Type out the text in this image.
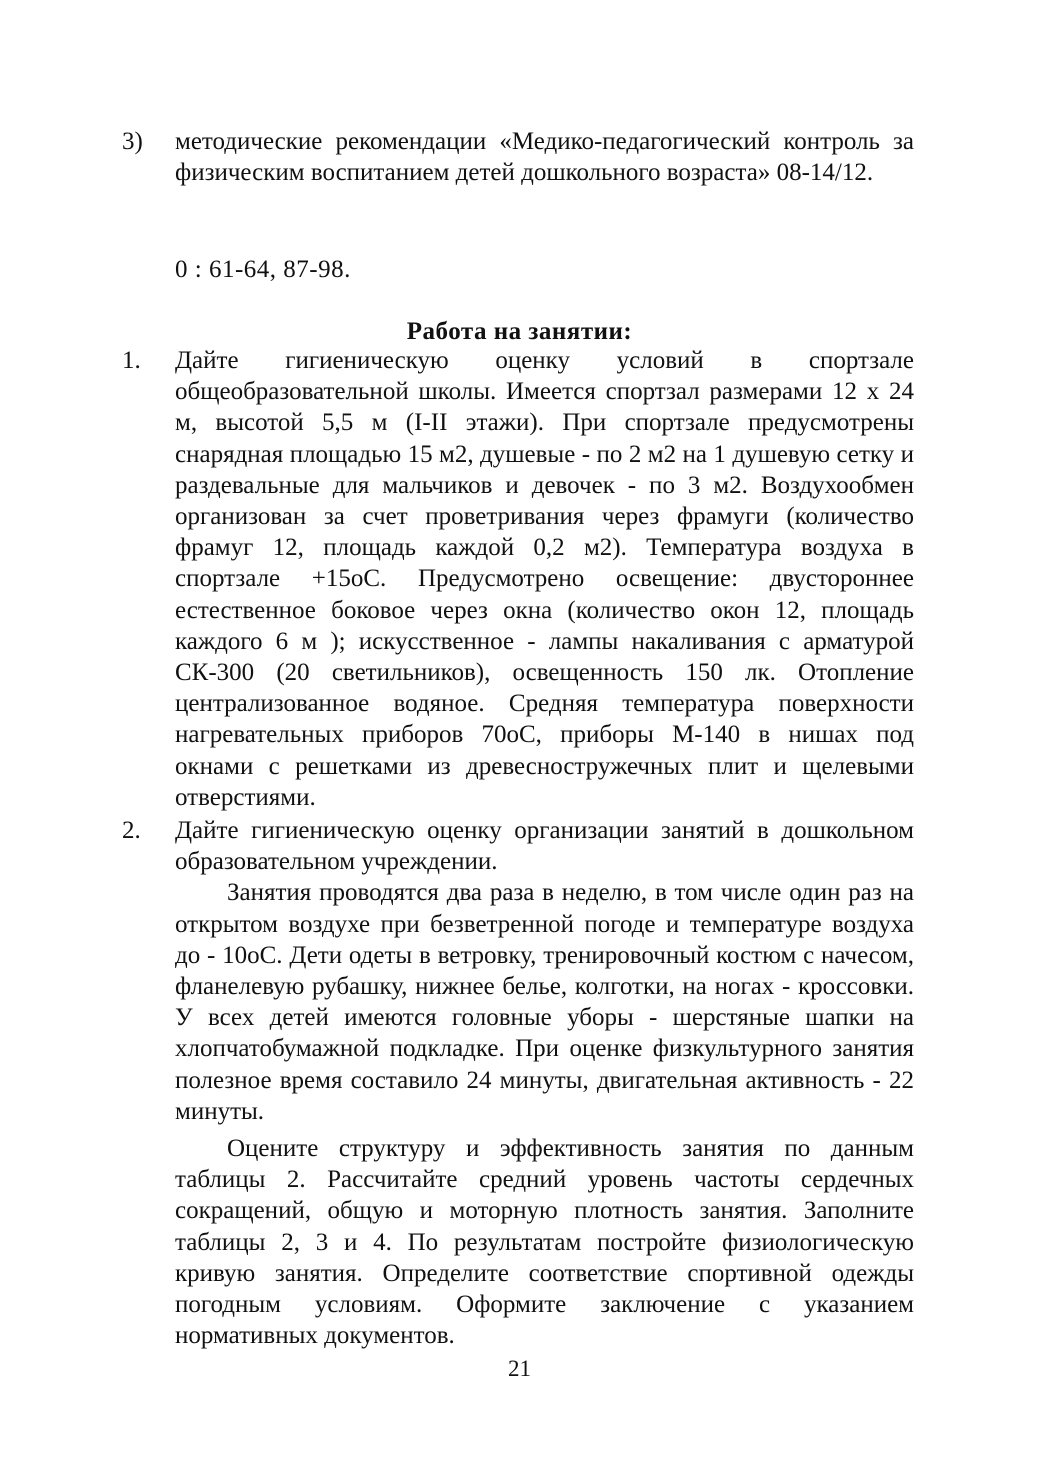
3) методические рекомендации «Медико-педагогический контроль за физическим воспитанием детей дошкольного возраста» 08-14/12.
0 : 61-64, 87-98.
Работа на занятии:
1. Дайте гигиеническую оценку условий в спортзале общеобразовательной школы. Имеется спортзал размерами 12 х 24 м, высотой 5,5 м (I-II этажи). При спортзале предусмотрены снарядная площадью 15 м2, душевые - по 2 м2 на 1 душевую сетку и раздевальные для мальчиков и девочек - по 3 м2. Воздухообмен организован за счет проветривания через фрамуги (количество фрамуг 12, площадь каждой 0,2 м2). Температура воздуха в спортзале +15оС. Предусмотрено освещение: двустороннее естественное боковое через окна (количество окон 12, площадь каждого 6 м ); искусственное - лампы накаливания с арматурой СК-300 (20 светильников), освещенность 150 лк. Отопление централизованное водяное. Средняя температура поверхности нагревательных приборов 70оС, приборы М-140 в нишах под окнами с решетками из древесностружечных плит и щелевыми отверстиями.
2. Дайте гигиеническую оценку организации занятий в дошкольном образовательном учреждении.
Занятия проводятся два раза в неделю, в том числе один раз на открытом воздухе при безветренной погоде и температуре воздуха до - 10оС. Дети одеты в ветровку, тренировочный костюм с начесом, фланелевую рубашку, нижнее белье, колготки, на ногах - кроссовки. У всех детей имеются головные уборы - шерстяные шапки на хлопчатобумажной подкладке. При оценке физкультурного занятия полезное время составило 24 минуты, двигательная активность - 22 минуты.
Оцените структуру и эффективность занятия по данным таблицы 2. Рассчитайте средний уровень частоты сердечных сокращений, общую и моторную плотность занятия. Заполните таблицы 2, 3 и 4. По результатам постройте физиологическую кривую занятия. Определите соответствие спортивной одежды погодным условиям. Оформите заключение с указанием нормативных документов.
21
